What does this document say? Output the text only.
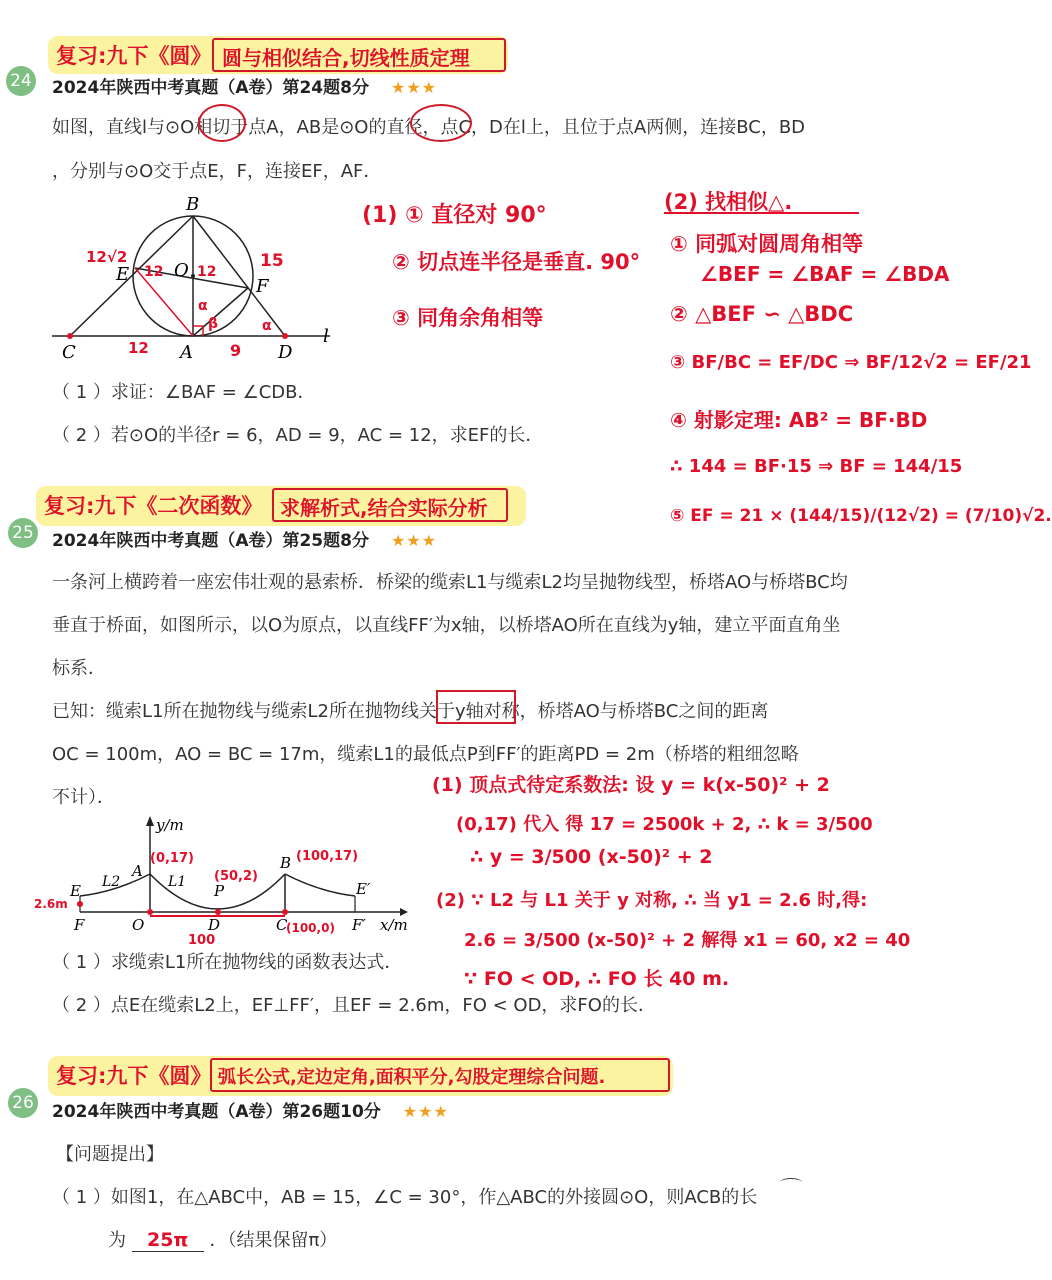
复习:九下《圆》 圆与相似结合,切线性质定理
24 2024年陕西中考真题（A卷）第24题8分 ★★★
如图，直线l与⊙O相切于点A，AB是⊙O的直径，点C，D在l上，且位于点A两侧，连接BC，BD
，分别与⊙O交于点E，F，连接EF，AF．
B
E O
F
C	A	D
l
12√2	15
12 12
12	9
α
β	α
（ 1 ）求证：∠BAF = ∠CDB．
（ 2 ）若⊙O的半径r = 6，AD = 9，AC = 12，求EF的长．
(1) ① 直径对 90°
② 切点连半径是垂直. 90°
③ 同角余角相等
(2) 找相似△.
① 同弧对圆周角相等
∠BEF = ∠BAF = ∠BDA
② △BEF ∽ △BDC
③ BF/BC = EF/DC ⇒ BF/12√2 = EF/21
④ 射影定理: AB² = BF·BD
∴ 144 = BF·15 ⇒ BF = 144/15
⑤ EF = 21 × (144/15)/(12√2) = (7/10)√2.
复习:九下《二次函数》 求解析式,结合实际分析
25 2024年陕西中考真题（A卷）第25题8分 ★★★
一条河上横跨着一座宏伟壮观的悬索桥．桥梁的缆索L1与缆索L2均呈抛物线型，桥塔AO与桥塔BC均
垂直于桥面，如图所示，以O为原点，以直线FF′为x轴，以桥塔AO所在直线为y轴，建立平面直角坐
标系．
已知：缆索L1所在抛物线与缆索L2所在抛物线关于y轴对称，桥塔AO与桥塔BC之间的距离
OC = 100m，AO = BC = 17m，缆索L1的最低点P到FF′的距离PD = 2m（桥塔的粗细忽略
不计）．
y/m
A	B
E	E′
L2	L1 P
F	O	D	C	F′ x/m
(0,17)
(50,2)
(100,17)
2.6m
(100,0)
100
（ 1 ）求缆索L1所在抛物线的函数表达式．
（ 2 ）点E在缆索L2上，EF⊥FF′，且EF = 2.6m，FO < OD，求FO的长．
(1) 顶点式待定系数法: 设 y = k(x-50)² + 2
(0,17) 代入 得 17 = 2500k + 2, ∴ k = 3/500
∴ y = 3/500 (x-50)² + 2
(2) ∵ L2 与 L1 关于 y 对称, ∴ 当 y1 = 2.6 时,得:
2.6 = 3/500 (x-50)² + 2 解得 x1 = 60, x2 = 40
∵ FO < OD, ∴ FO 长 40 m.
复习:九下《圆》 弧长公式,定边定角,面积平分,勾股定理综合问题.
26 2024年陕西中考真题（A卷）第26题10分 ★★★
【问题提出】
（ 1 ）如图1，在△ABC中，AB = 15，∠C = 30°，作△ABC的外接圆⊙O，则ACB的长
为 25π ．（结果保留π）
